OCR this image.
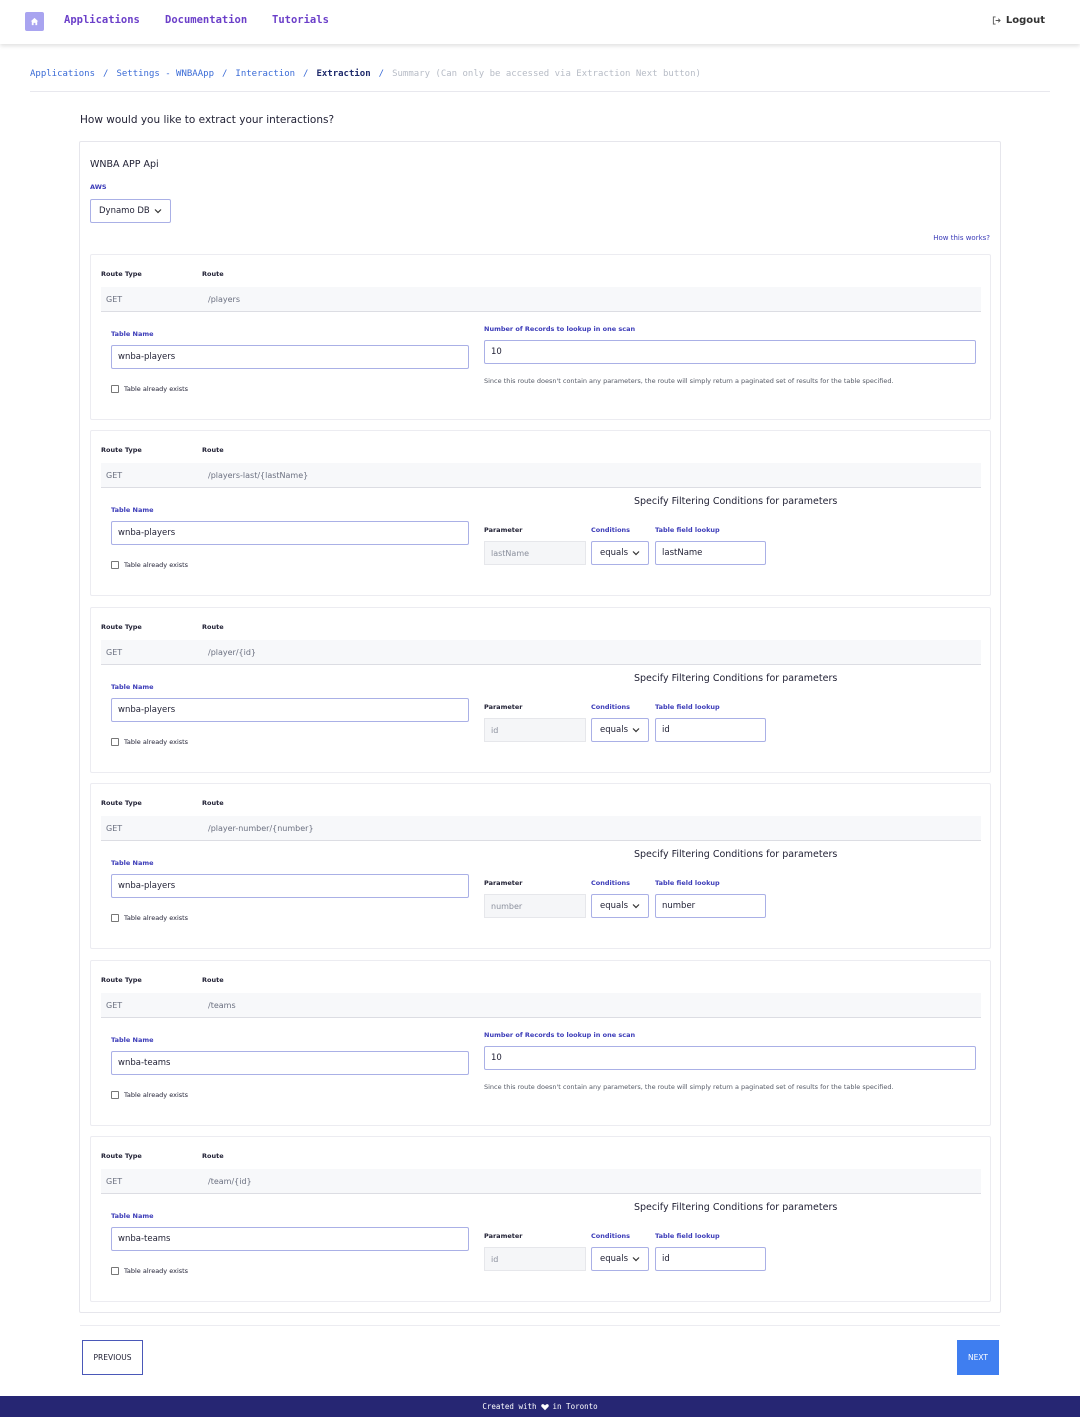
Applications Documentation Tutorials	Logout
Applications / Settings - WNBAApp / Interaction / Extraction / Summary (Can only be accessed via Extraction Next button)
How would you like to extract your interactions?
WNBA APP Api
AWS
Dynamo DB
How this works?
Route Type	Route
GET	/players
Table Name
wnba-players
Table already exists
Number of Records to lookup in one scan
10
Since this route doesn't contain any parameters, the route will simply return a paginated set of results for the table specified.
Route Type	Route
GET	/players-last/{lastName}
Table Name
wnba-players
Table already exists
Specify Filtering Conditions for parameters
Parameter	Conditions	Table field lookup
lastName	equals	lastName
Route Type	Route
GET	/player/{id}
Table Name
wnba-players
Table already exists
Specify Filtering Conditions for parameters
Parameter	Conditions	Table field lookup
id	equals	id
Route Type	Route
GET	/player-number/{number}
Table Name
wnba-players
Table already exists
Specify Filtering Conditions for parameters
Parameter	Conditions	Table field lookup
number	equals	number
Route Type	Route
GET	/teams
Table Name
wnba-teams
Table already exists
Number of Records to lookup in one scan
10
Since this route doesn't contain any parameters, the route will simply return a paginated set of results for the table specified.
Route Type	Route
GET	/team/{id}
Table Name
wnba-teams
Table already exists
Specify Filtering Conditions for parameters
Parameter	Conditions	Table field lookup
id	equals	id
PREVIOUS	NEXT
Created with in Toronto
